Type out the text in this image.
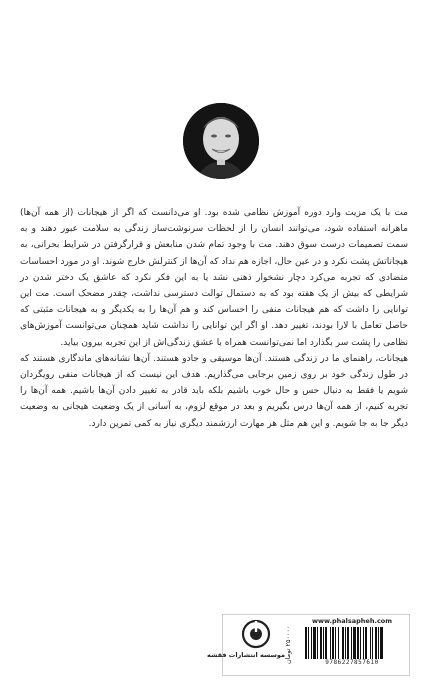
مت با یک مزیت وارد دوره آموزش نظامی شده بود. او می‌دانست که اگر از هیجانات (از همه آن‌ها) ماهرانه استفاده شود، می‌توانند انسان را از لحظات سرنوشت‌ساز زندگی به سلامت عبور دهند و به سمت تصمیمات درست سوق دهند. مت با وجود تمام شدن منابعش و قرارگرفتن در شرایط بحرانی، به هیجاناتش پشت نکرد و در عین حال، اجازه هم نداد که آن‌ها از کنترلش خارج شوند. او در مورد احساسات متضادی که تجربه می‌کرد دچار نشخوار ذهنی نشد یا به این فکر نکرد که عاشق یک دختر شدن در شرایطی که بیش از یک هفته بود که به دستمال توالت دسترسی نداشت، چقدر مضحک است. مت این توانایی را داشت که هم هیجانات منفی را احساس کند و هم آن‌ها را به یکدیگر و به هیجانات مثبتی که حاصل تعامل با لارا بودند، تغییر دهد. او اگر این توانایی را نداشت شاید همچنان می‌توانست آموزش‌های نظامی را پشت سر بگذارد اما نمی‌توانست همراه با عشق زندگی‌اش از این تجربه بیرون بیاید.

هیجانات، راهنمای ما در زندگی هستند. آن‌ها موسیقی و جادو هستند. آن‌ها نشانه‌های ماندگاری هستند که در طول زندگی خود بر روی زمین برجایی می‌گذاریم. هدف این نیست که از هیجانات منفی رویگردان شویم یا فقط به دنبال حس و حال خوب باشیم بلکه باید قادر به تغییر دادن آن‌ها باشیم. همه آن‌ها را تجربه کنیم، از همه آن‌ها درس بگیریم و بعد در موقع لزوم، به آسانی از یک وضعیت هیجانی به وضعیت دیگر جا به جا شویم. و این هم مثل هر مهارت ارزشمند دیگری نیاز به کمی تمرین دارد.

موسسه انتشارات فقشه ۲۵۰۰۰۰ تومان
www.phalsapheh.com
9786227857610
